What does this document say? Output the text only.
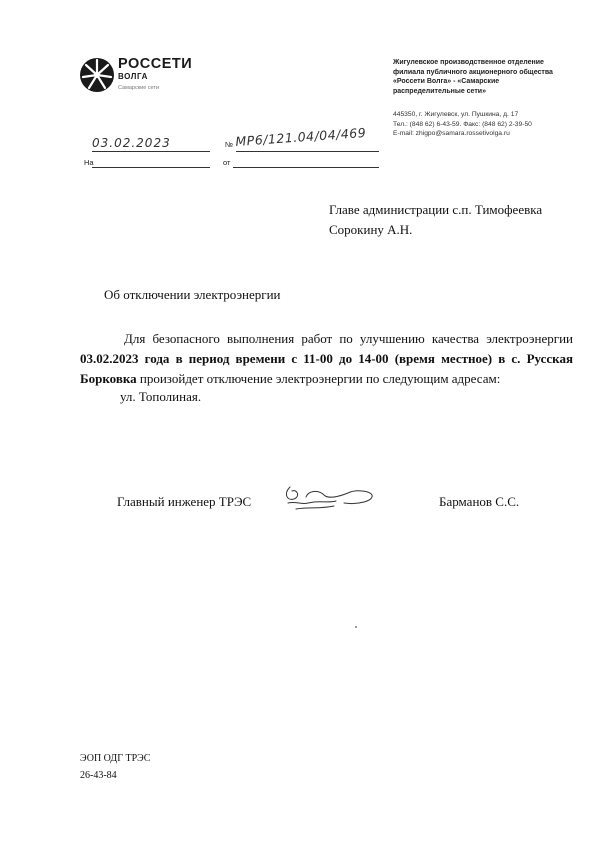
РОССЕТИ
ВОЛГА
Самарские сети
Жигулевское производственное отделение
филиала публичного акционерного общества
«Россети Волга» - «Самарские
распределительные сети»
445350, г. Жигулевск, ул. Пушкина, д. 17
Тел.: (848 62) 6-43-59. Факс: (848 62) 2-39-50
E-mail: zhigpo@samara.rossetivolga.ru
03.02.2023	№ МР6/121.04/04/469
На	от
Главе администрации с.п. Тимофеевка
Сорокину А.Н.
Об отключении электроэнергии
Для безопасного выполнения работ по улучшению качества электроэнергии 03.02.2023 года в период времени с 11-00 до 14-00 (время местное) в с. Русская Борковка произойдет отключение электроэнергии по следующим адресам:
ул. Тополиная.
Главный инженер ТРЭС	Барманов С.С.
ЭОП ОДГ ТРЭС
26-43-84
